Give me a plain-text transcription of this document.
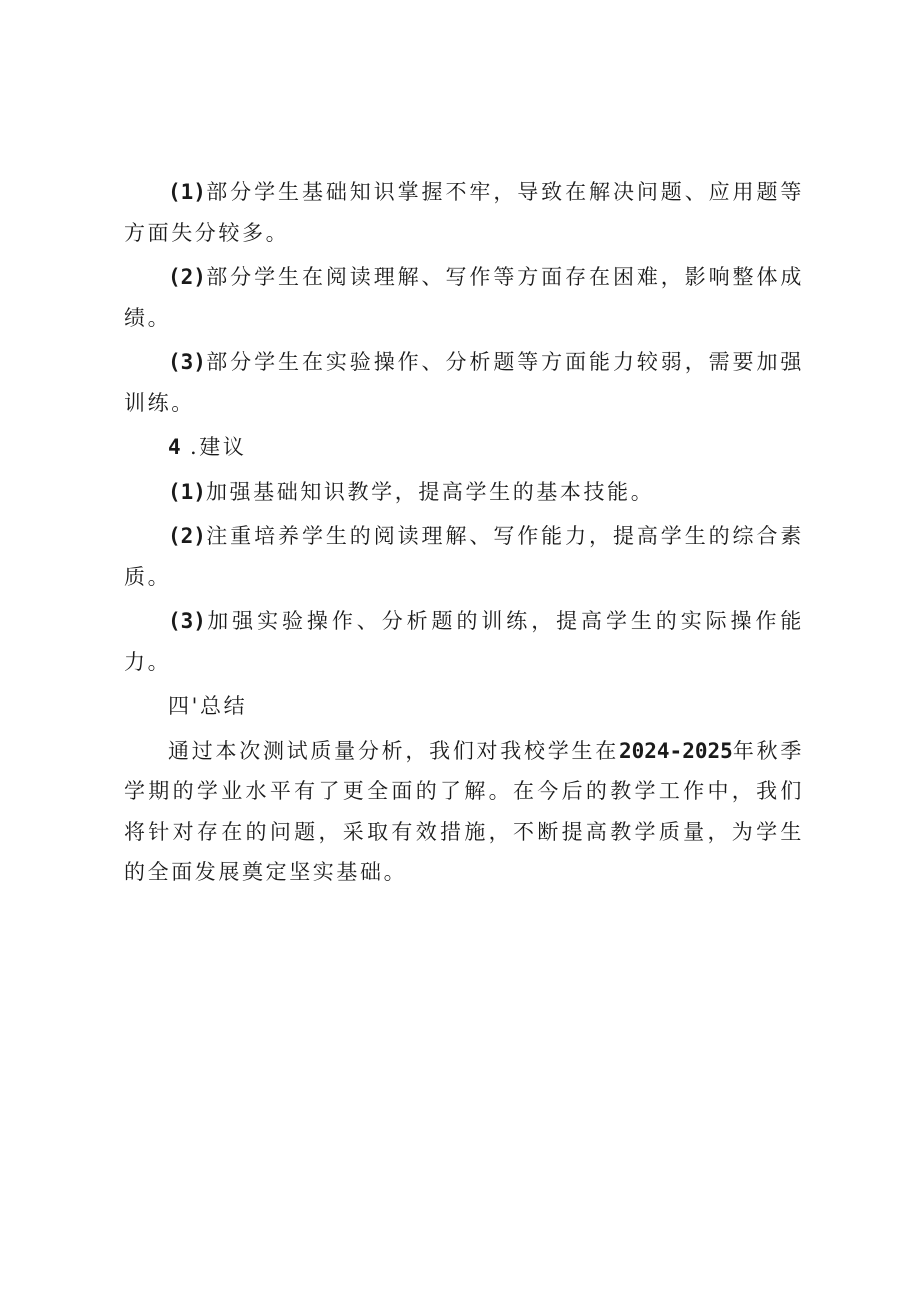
(1)部分学生基础知识掌握不牢，导致在解决问题、应用题等方面失分较多。

(2)部分学生在阅读理解、写作等方面存在困难，影响整体成绩。

(3)部分学生在实验操作、分析题等方面能力较弱，需要加强训练。

4 .建议

(1)加强基础知识教学，提高学生的基本技能。

(2)注重培养学生的阅读理解、写作能力，提高学生的综合素质。

(3)加强实验操作、分析题的训练，提高学生的实际操作能力。

四'总结

通过本次测试质量分析，我们对我校学生在2024-2025年秋季学期的学业水平有了更全面的了解。在今后的教学工作中，我们将针对存在的问题，采取有效措施，不断提高教学质量，为学生的全面发展奠定坚实基础。
